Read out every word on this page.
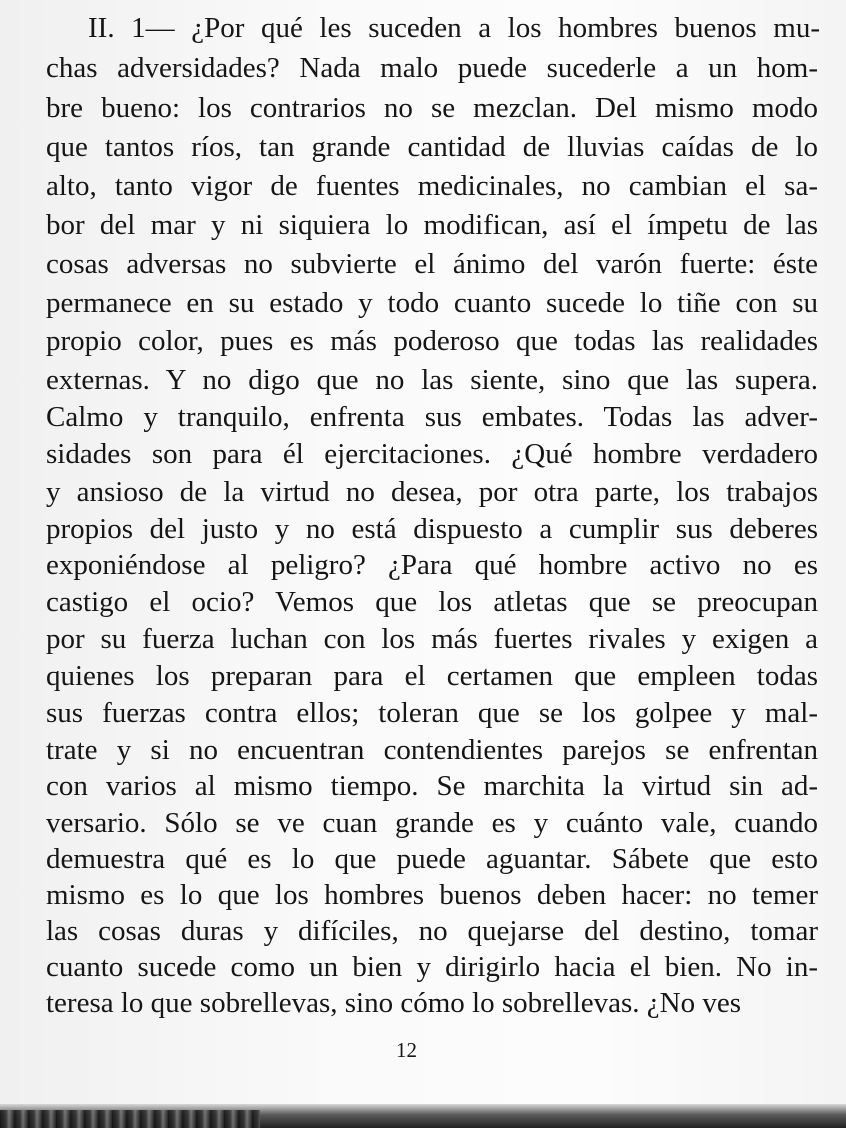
II. 1— ¿Por qué les suceden a los hombres buenos mu-
chas adversidades? Nada malo puede sucederle a un hom-
bre bueno: los contrarios no se mezclan. Del mismo modo
que tantos ríos, tan grande cantidad de lluvias caídas de lo
alto, tanto vigor de fuentes medicinales, no cambian el sa-
bor del mar y ni siquiera lo modifican, así el ímpetu de las
cosas adversas no subvierte el ánimo del varón fuerte: éste
permanece en su estado y todo cuanto sucede lo tiñe con su
propio color, pues es más poderoso que todas las realidades
externas. Y no digo que no las siente, sino que las supera.
Calmo y tranquilo, enfrenta sus embates. Todas las adver-
sidades son para él ejercitaciones. ¿Qué hombre verdadero
y ansioso de la virtud no desea, por otra parte, los trabajos
propios del justo y no está dispuesto a cumplir sus deberes
exponiéndose al peligro? ¿Para qué hombre activo no es
castigo el ocio? Vemos que los atletas que se preocupan
por su fuerza luchan con los más fuertes rivales y exigen a
quienes los preparan para el certamen que empleen todas
sus fuerzas contra ellos; toleran que se los golpee y mal-
trate y si no encuentran contendientes parejos se enfrentan
con varios al mismo tiempo. Se marchita la virtud sin ad-
versario. Sólo se ve cuan grande es y cuánto vale, cuando
demuestra qué es lo que puede aguantar. Sábete que esto
mismo es lo que los hombres buenos deben hacer: no temer
las cosas duras y difíciles, no quejarse del destino, tomar
cuanto sucede como un bien y dirigirlo hacia el bien. No in-
teresa lo que sobrellevas, sino cómo lo sobrellevas. ¿No ves
12
